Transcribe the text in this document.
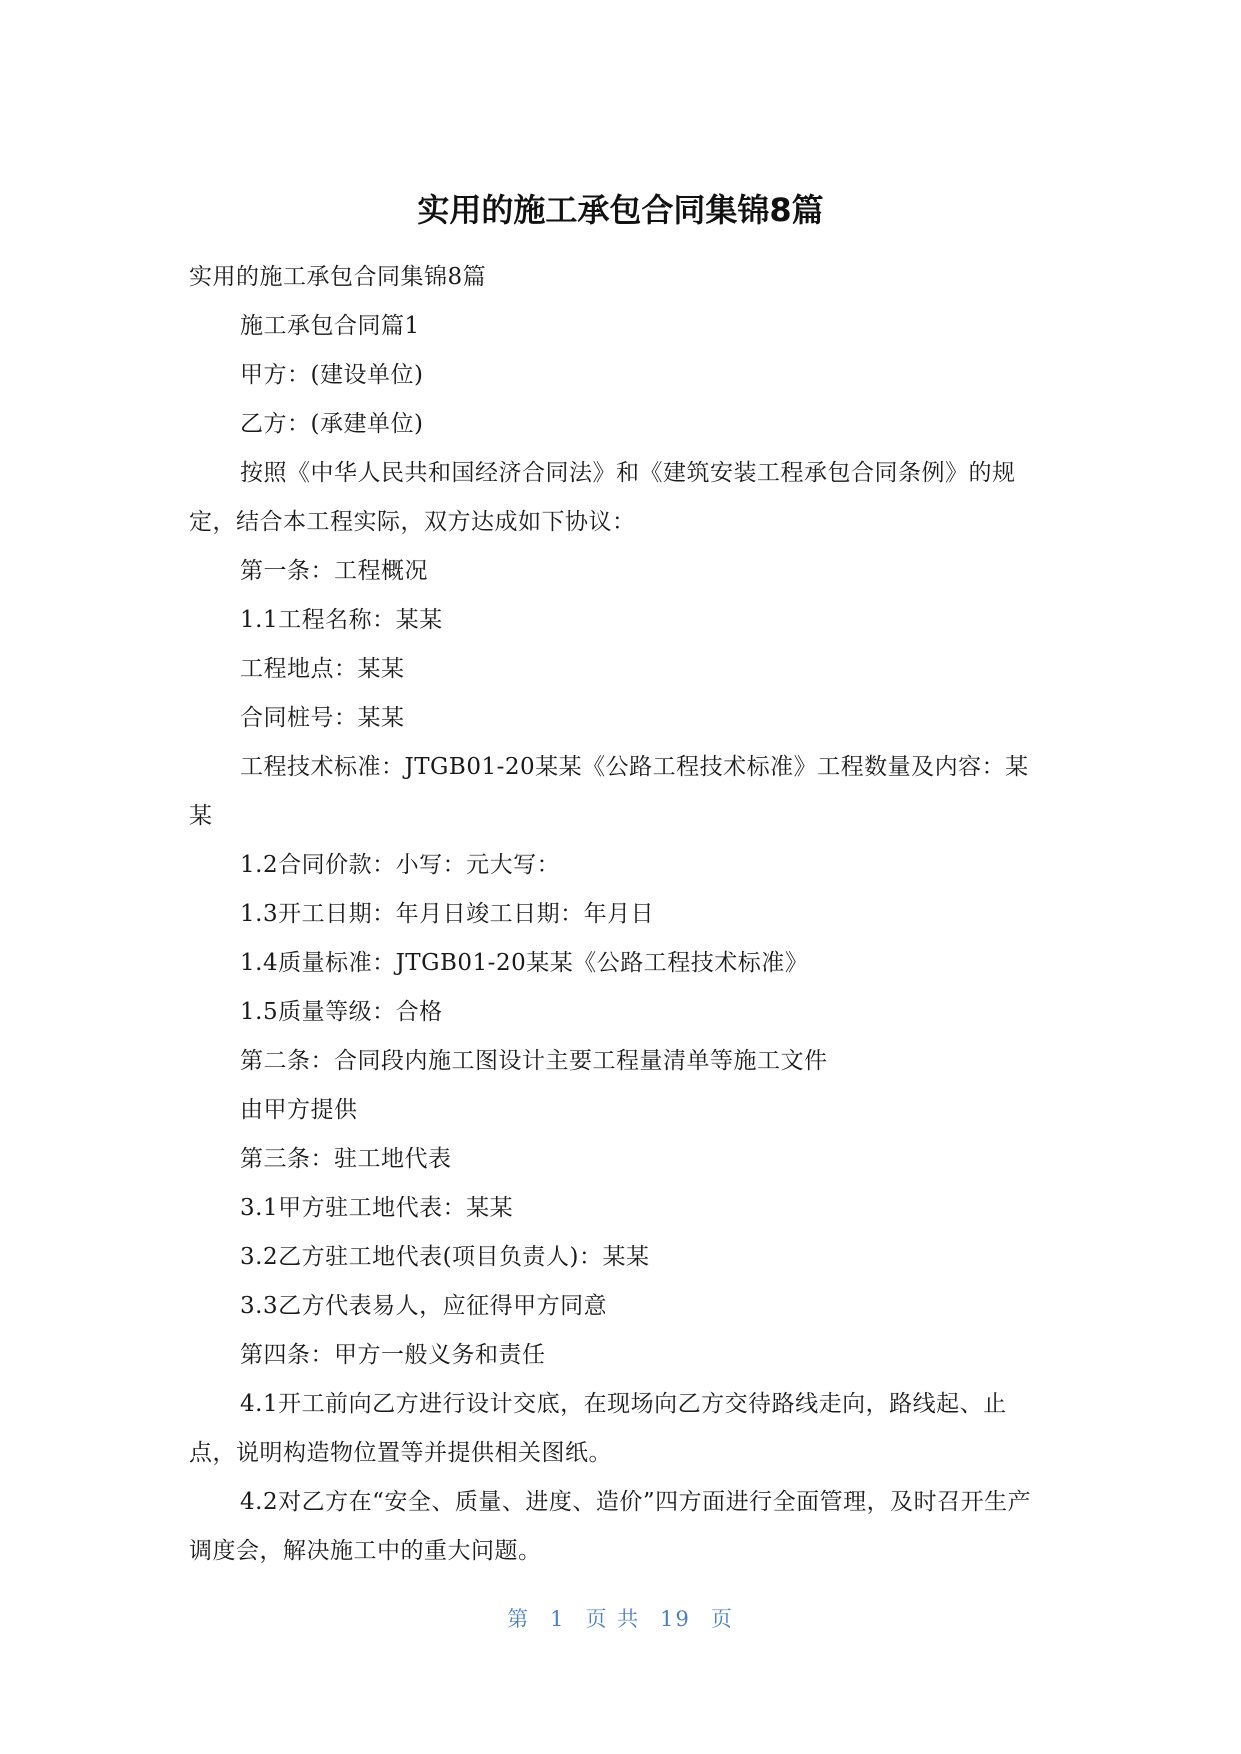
实用的施工承包合同集锦8篇

实用的施工承包合同集锦8篇

施工承包合同篇1

甲方：(建设单位)

乙方：(承建单位)

按照《中华人民共和国经济合同法》和《建筑安装工程承包合同条例》的规定，结合本工程实际，双方达成如下协议：

第一条：工程概况

1.1工程名称：某某

工程地点：某某

合同桩号：某某

工程技术标准：JTGB01-20某某《公路工程技术标准》工程数量及内容：某某

1.2合同价款：小写：元大写：

1.3开工日期：年月日竣工日期：年月日

1.4质量标准：JTGB01-20某某《公路工程技术标准》

1.5质量等级：合格

第二条：合同段内施工图设计主要工程量清单等施工文件

由甲方提供

第三条：驻工地代表

3.1甲方驻工地代表：某某

3.2乙方驻工地代表(项目负责人)：某某

3.3乙方代表易人，应征得甲方同意

第四条：甲方一般义务和责任

4.1开工前向乙方进行设计交底，在现场向乙方交待路线走向，路线起、止点，说明构造物位置等并提供相关图纸。

4.2对乙方在“安全、质量、进度、造价”四方面进行全面管理，及时召开生产调度会，解决施工中的重大问题。

第 1 页 共 19 页
